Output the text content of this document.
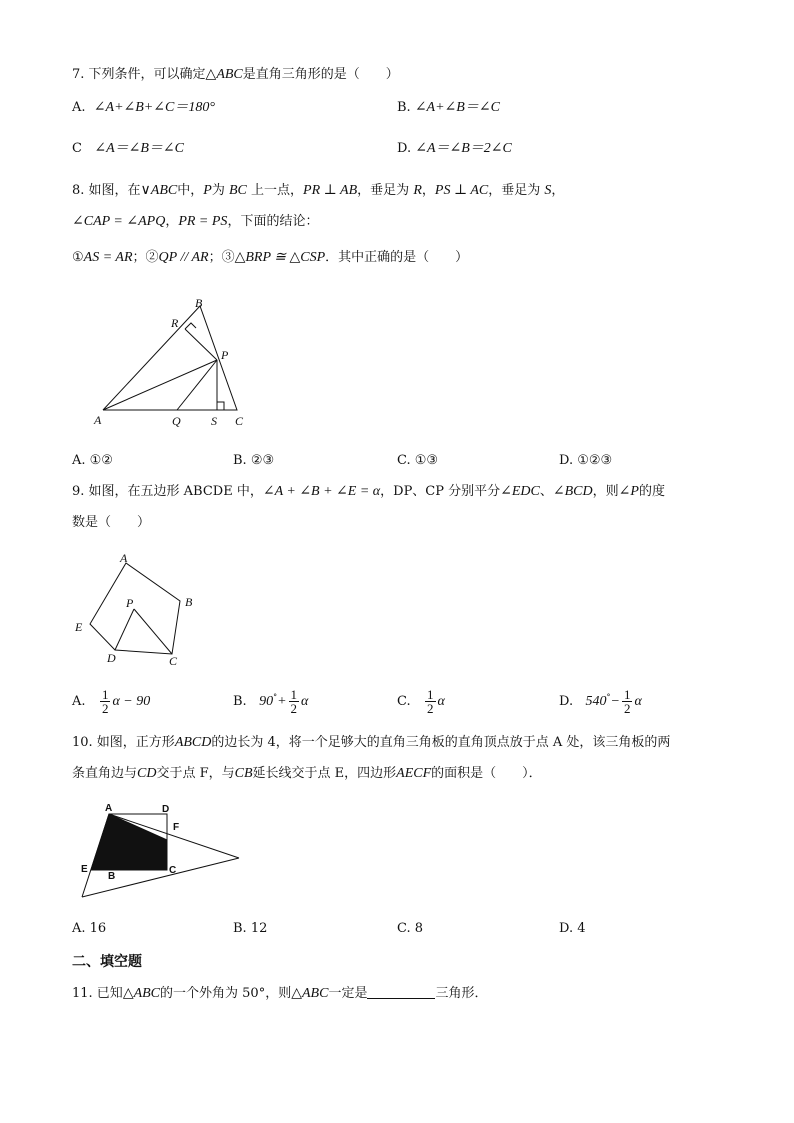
7. 下列条件，可以确定△ABC是直角三角形的是（　　）
A. ∠A+∠B+∠C＝180°	B. ∠A+∠B＝∠C
C ∠A＝∠B＝∠C	D. ∠A＝∠B＝2∠C
8. 如图，在∨ABC中，P为 BC 上一点，PR ⊥ AB，垂足为 R，PS ⊥ AC，垂足为 S，
∠CAP = ∠APQ，PR = PS，下面的结论：
①AS = AR；②QP // AR；③△BRP ≅ △CSP．其中正确的是（　　）
B
R
P
A	Q	S C
A. ①②	B. ②③	C. ①③	D. ①②③
9. 如图，在五边形 ABCDE 中，∠A + ∠B + ∠E = α，DP、CP 分别平分∠EDC、∠BCD，则∠P的度
数是（　　）
A
B
C
D
E
P
A. $\frac{1}{2}$ α − 90	B. $90^\circ+ \frac{1}{2}$ α	C. $\frac{1}{2}$ α	D. $540^\circ- \frac{1}{2}$ α
10. 如图，正方形ABCD的边长为 4，将一个足够大的直角三角板的直角顶点放于点 A 处，该三角板的两
条直角边与CD交于点 F，与CB延长线交于点 E，四边形AECF的面积是（　　）．
A	D
F
E
B
C
A. 16	B. 12	C. 8	D. 4
二、填空题
11. 已知△ABC的一个外角为 50°，则△ABC一定是	三角形．
